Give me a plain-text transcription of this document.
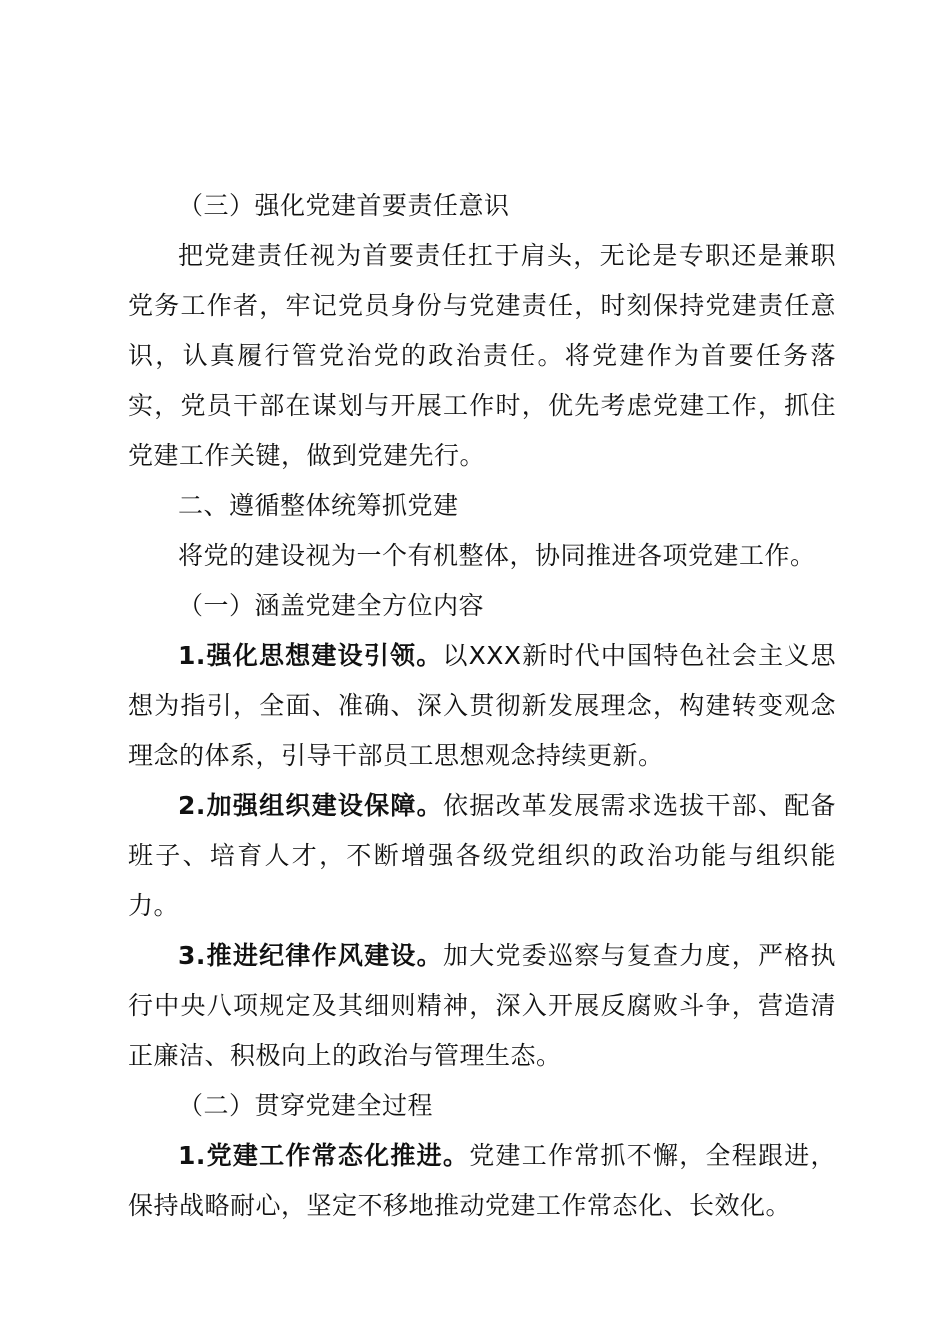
（三）强化党建首要责任意识

把党建责任视为首要责任扛于肩头，无论是专职还是兼职党务工作者，牢记党员身份与党建责任，时刻保持党建责任意识，认真履行管党治党的政治责任。将党建作为首要任务落实，党员干部在谋划与开展工作时，优先考虑党建工作，抓住党建工作关键，做到党建先行。

二、遵循整体统筹抓党建

将党的建设视为一个有机整体，协同推进各项党建工作。

（一）涵盖党建全方位内容

1.强化思想建设引领。以XXX新时代中国特色社会主义思想为指引，全面、准确、深入贯彻新发展理念，构建转变观念理念的体系，引导干部员工思想观念持续更新。

2.加强组织建设保障。依据改革发展需求选拔干部、配备班子、培育人才，不断增强各级党组织的政治功能与组织能力。

3.推进纪律作风建设。加大党委巡察与复查力度，严格执行中央八项规定及其细则精神，深入开展反腐败斗争，营造清正廉洁、积极向上的政治与管理生态。

（二）贯穿党建全过程

1.党建工作常态化推进。党建工作常抓不懈，全程跟进，保持战略耐心，坚定不移地推动党建工作常态化、长效化。
